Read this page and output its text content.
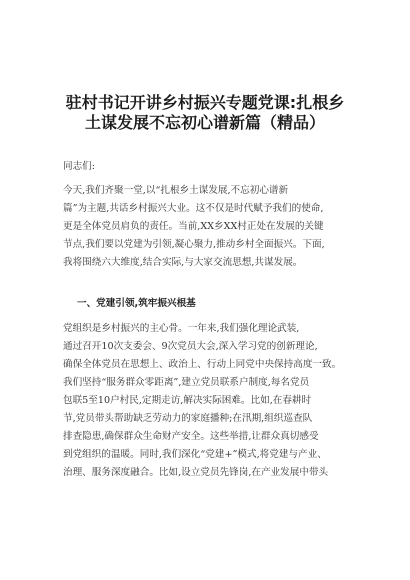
驻村书记开讲乡村振兴专题党课:扎根乡
土谋发展不忘初心谱新篇（精品）
同志们:
今天,我们齐聚一堂,以“扎根乡土谋发展,不忘初心谱新
篇”为主题,共话乡村振兴大业。这不仅是时代赋予我们的使命,
更是全体党员肩负的责任。当前,XX乡XX村正处在发展的关键
节点,我们要以党建为引领,凝心聚力,推动乡村全面振兴。下面,
我将围绕六大维度,结合实际,与大家交流思想,共谋发展。
一、党建引领,筑牢振兴根基
党组织是乡村振兴的主心骨。一年来,我们强化理论武装,
通过召开10次支委会、9次党员大会,深入学习党的创新理论,
确保全体党员在思想上、政治上、行动上同党中央保持高度一致。
我们坚持“服务群众零距离”,建立党员联系户制度,每名党员
包联5至10户村民,定期走访,解决实际困难。比如,在春耕时
节,党员带头帮助缺乏劳动力的家庭播种;在汛期,组织巡查队
排查隐患,确保群众生命财产安全。这些举措,让群众真切感受
到党组织的温暖。同时,我们深化“党建+”模式,将党建与产业、
治理、服务深度融合。比如,设立党员先锋岗,在产业发展中带头
